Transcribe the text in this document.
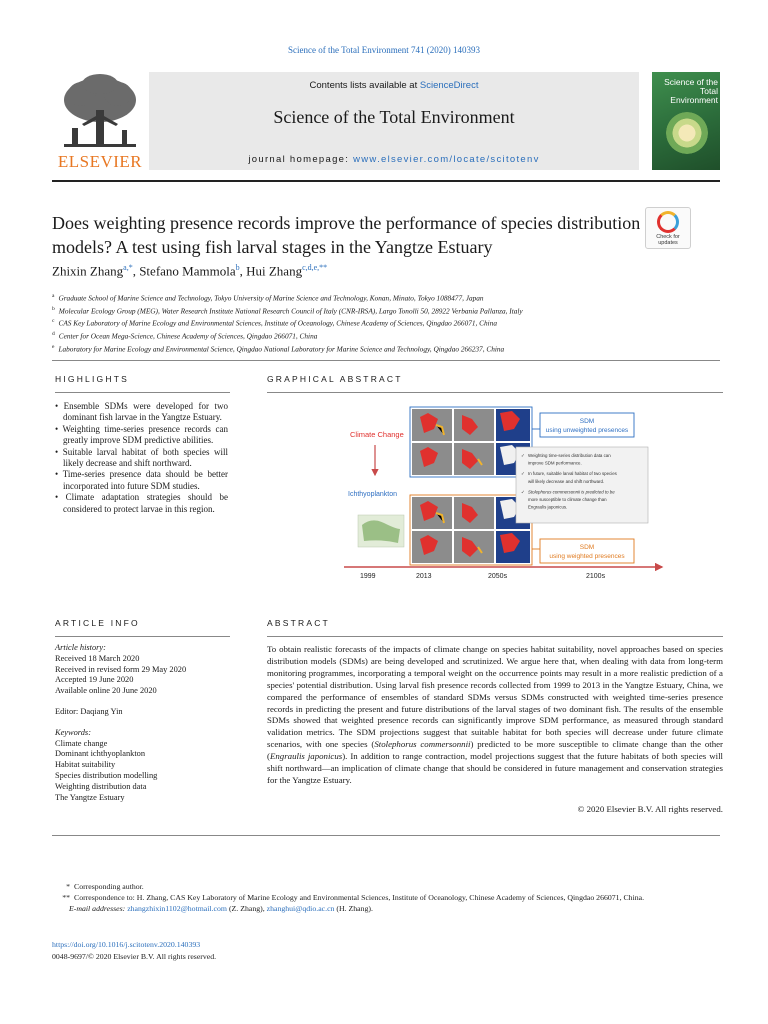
Science of the Total Environment 741 (2020) 140393
ELSEVIER
Contents lists available at ScienceDirect
Science of the Total Environment
journal homepage: www.elsevier.com/locate/scitotenv
Science of the
Total Environment
Does weighting presence records improve the performance of species distribution models? A test using fish larval stages in the Yangtze Estuary	Check for
updates
Zhixin Zhang$^{a,*}$, Stefano Mammola$^b$, Hui Zhang$^{c,d,e,**}$
$^a$ Graduate School of Marine Science and Technology, Tokyo University of Marine Science and Technology, Konan, Minato, Tokyo 1088477, Japan
$^b$ Molecular Ecology Group (MEG), Water Research Institute National Research Council of Italy (CNR-IRSA), Largo Tonolli 50, 28922 Verbania Pallanza, Italy
$^c$ CAS Key Laboratory of Marine Ecology and Environmental Sciences, Institute of Oceanology, Chinese Academy of Sciences, Qingdao 266071, China
$^d$ Center for Ocean Mega-Science, Chinese Academy of Sciences, Qingdao 266071, China
$^e$ Laboratory for Marine Ecology and Environmental Science, Qingdao National Laboratory for Marine Science and Technology, Qingdao 266237, China
HIGHLIGHTS
• Ensemble SDMs were developed for two dominant fish larvae in the Yangtze Estuary.
• Weighting time-series presence records can greatly improve SDM predictive abilities.
• Suitable larval habitat of both species will likely decrease and shift northward.
• Time-series presence data should be better incorporated into future SDM studies.
• Climate adaptation strategies should be considered to protect larvae in this region.
GRAPHICAL ABSTRACT
Climate Change
Ichthyoplankton
SDM
using unweighted presences
SDM
using weighted presences
✓ Weighting time-series distribution data can
improve SDM performance.
✓ In future, suitable larval habitat of two species
will likely decrease and shift northward.
✓ Stolephorus commersonnii is predicted to be
more susceptible to climate change than
Engraulis japonicus.
1999	2013	2050s	2100s
ARTICLE INFO
Article history:
Received 18 March 2020
Received in revised form 29 May 2020
Accepted 19 June 2020
Available online 20 June 2020
Editor: Daqiang Yin
Keywords:
Climate change
Dominant ichthyoplankton
Habitat suitability
Species distribution modelling
Weighting distribution data
The Yangtze Estuary
ABSTRACT
To obtain realistic forecasts of the impacts of climate change on species habitat suitability, novel approaches based on species distribution models (SDMs) are being developed and scrutinized. We argue here that, when dealing with data from long-term monitoring programmes, incorporating a temporal weight on the occurrence points may result in a more realistic prediction of a species' potential distribution. Using larval fish presence records collected from 1999 to 2013 in the Yangtze Estuary, China, we compared the performance of ensembles of standard SDMs versus SDMs constructed with weighted time-series presence records in predicting the present and future distributions of the larval stages of two dominant fish. The results of the ensemble SDMs showed that weighted presence records can significantly improve SDM performance, as measured through standard validation metrics. The SDM projections suggest that suitable habitat for both species will decrease under future climate scenarios, with one species (Stolephorus commersonnii) predicted to be more susceptible to climate change than the other (Engraulis japonicus). In addition to range contraction, model projections suggest that the future habitats of both species will shift northward—an implication of climate change that should be considered in future management and conservation strategies for the Yangtze Estuary.
© 2020 Elsevier B.V. All rights reserved.
* Corresponding author.
** Correspondence to: H. Zhang, CAS Key Laboratory of Marine Ecology and Environmental Sciences, Institute of Oceanology, Chinese Academy of Sciences, Qingdao 266071, China.
E-mail addresses: zhangzhixin1102@hotmail.com (Z. Zhang), zhanghui@qdio.ac.cn (H. Zhang).
https://doi.org/10.1016/j.scitotenv.2020.140393
0048-9697/© 2020 Elsevier B.V. All rights reserved.
